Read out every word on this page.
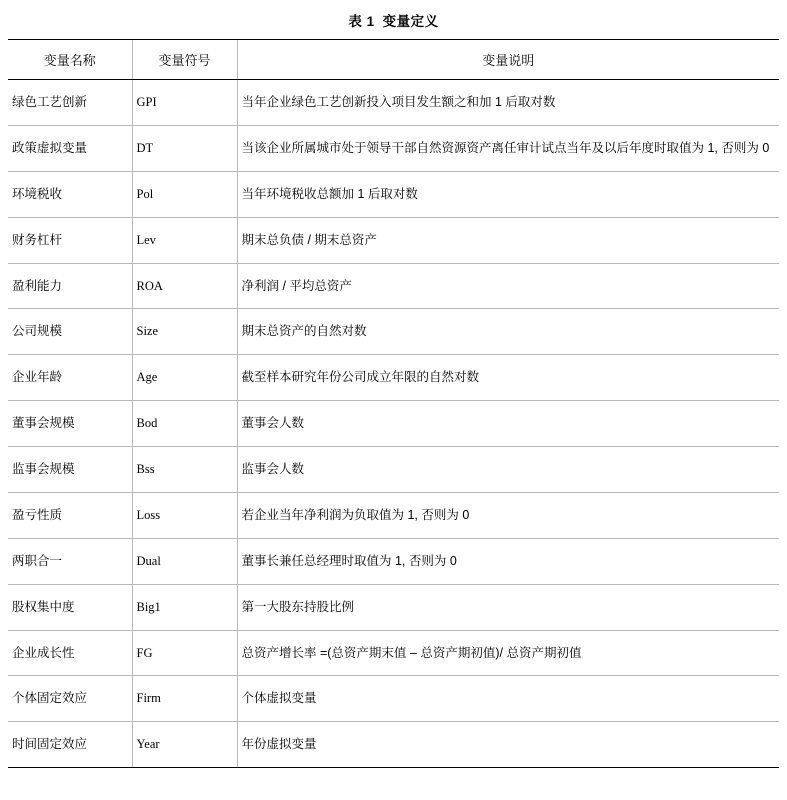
表 1 变量定义
变量名称	变量符号	变量说明
绿色工艺创新	GPI	当年企业绿色工艺创新投入项目发生额之和加 1 后取对数
政策虚拟变量	DT	当该企业所属城市处于领导干部自然资源资产离任审计试点当年及以后年度时取值为 1, 否则为 0
环境税收	Pol	当年环境税收总额加 1 后取对数
财务杠杆	Lev	期末总负债 / 期末总资产
盈利能力	ROA	净利润 / 平均总资产
公司规模	Size	期末总资产的自然对数
企业年龄	Age	截至样本研究年份公司成立年限的自然对数
董事会规模	Bod	董事会人数
监事会规模	Bss	监事会人数
盈亏性质	Loss	若企业当年净利润为负取值为 1, 否则为 0
两职合一	Dual	董事长兼任总经理时取值为 1, 否则为 0
股权集中度	Big1	第一大股东持股比例
企业成长性	FG	总资产增长率 =(总资产期末值 – 总资产期初值)/ 总资产期初值
个体固定效应	Firm	个体虚拟变量
时间固定效应	Year	年份虚拟变量
